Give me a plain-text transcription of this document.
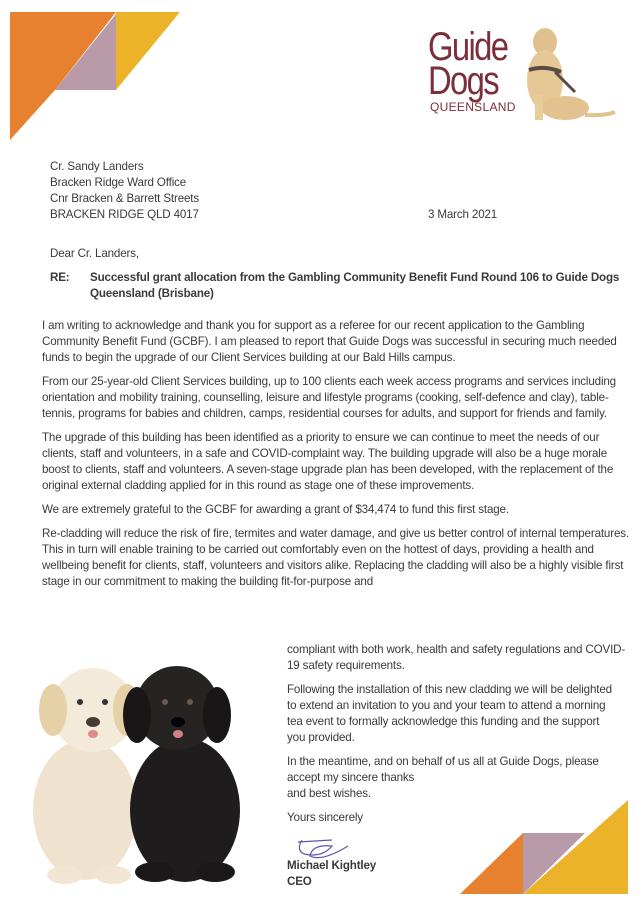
Guide
Dogs
QUEENSLAND
Cr. Sandy Landers
Bracken Ridge Ward Office
Cnr Bracken & Barrett Streets
BRACKEN RIDGE QLD 4017	3 March 2021
Dear Cr. Landers,
RE: Successful grant allocation from the Gambling Community Benefit Fund Round 106 to Guide Dogs Queensland (Brisbane)

I am writing to acknowledge and thank you for support as a referee for our recent application to the Gambling Community Benefit Fund (GCBF). I am pleased to report that Guide Dogs was successful in securing much needed funds to begin the upgrade of our Client Services building at our Bald Hills campus.

From our 25-year-old Client Services building, up to 100 clients each week access programs and services including orientation and mobility training, counselling, leisure and lifestyle programs (cooking, self-defence and clay), table-tennis, programs for babies and children, camps, residential courses for adults, and support for friends and family.

The upgrade of this building has been identified as a priority to ensure we can continue to meet the needs of our clients, staff and volunteers, in a safe and COVID-complaint way. The building upgrade will also be a huge morale boost to clients, staff and volunteers. A seven-stage upgrade plan has been developed, with the replacement of the original external cladding applied for in this round as stage one of these improvements.

We are extremely grateful to the GCBF for awarding a grant of $34,474 to fund this first stage.

Re-cladding will reduce the risk of fire, termites and water damage, and give us better control of internal temperatures. This in turn will enable training to be carried out comfortably even on the hottest of days, providing a health and wellbeing benefit for clients, staff, volunteers and visitors alike. Replacing the cladding will also be a highly visible first stage in our commitment to making the building fit-for-purpose and

compliant with both work, health and safety regulations and COVID-19 safety requirements.

Following the installation of this new cladding we will be delighted to extend an invitation to you and your team to attend a morning tea event to formally acknowledge this funding and the support you provided.

In the meantime, and on behalf of us all at Guide Dogs, please accept my sincere thanks

and best wishes.

Yours sincerely

Michael Kightley
CEO
